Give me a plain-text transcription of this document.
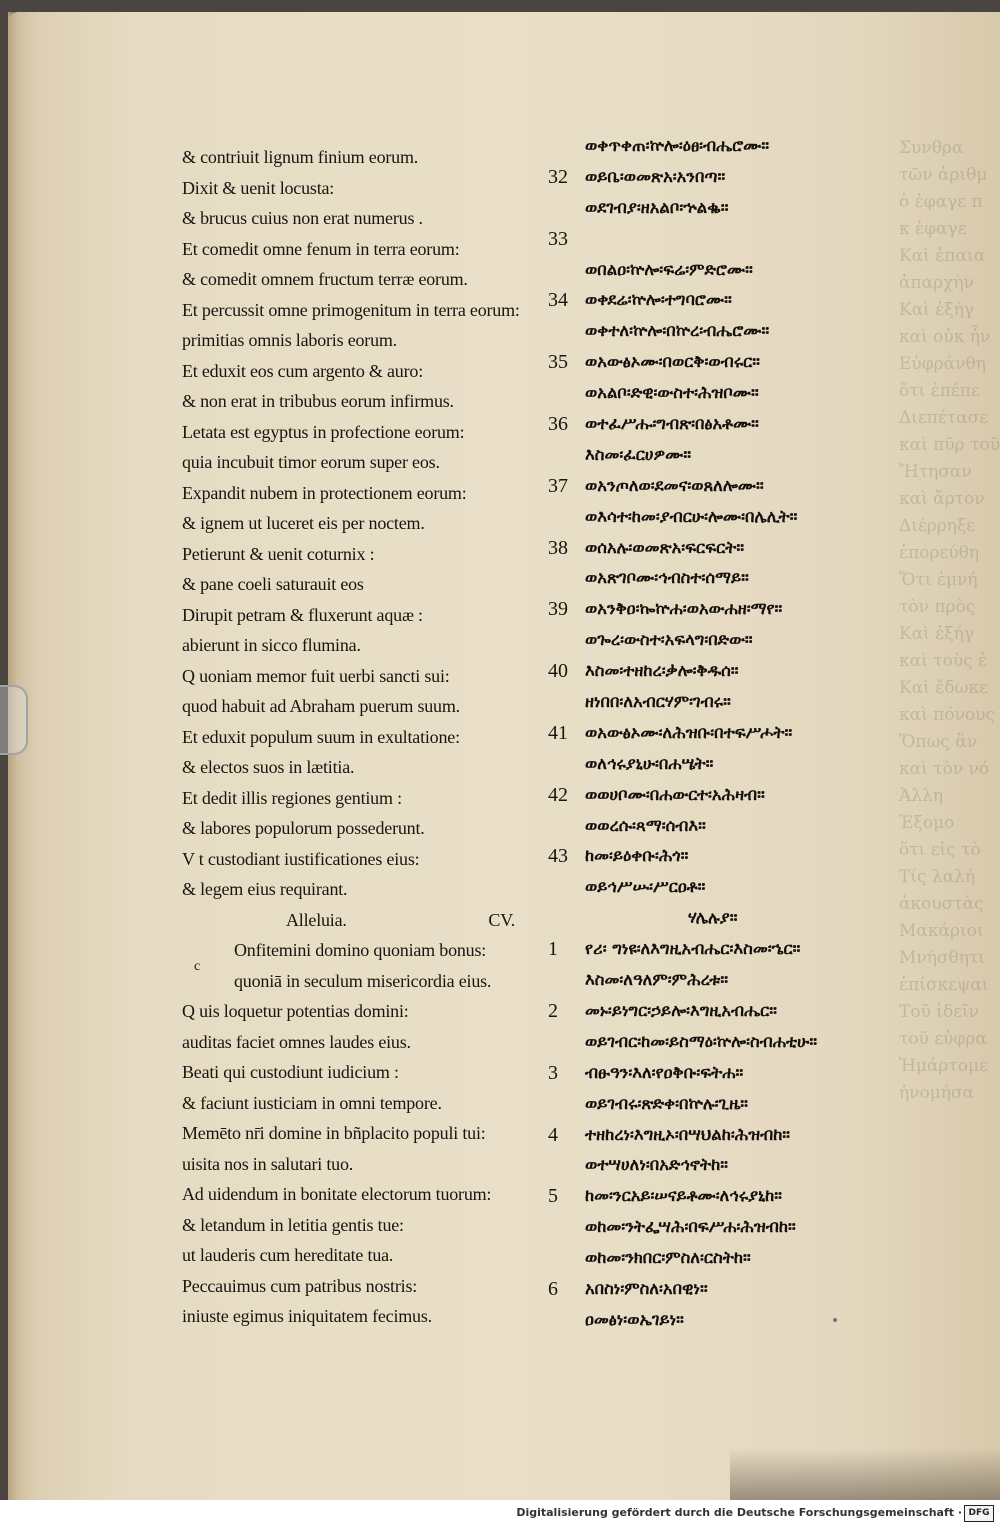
Συνθρα
τῶν ἀριθμ
ὁ ἐφαγε π
κ ἐφαγε
Καὶ ἐπαια
ἀπαρχὴν
Καὶ ἐξήγ
καὶ οὐκ ἦν
Εὐφράνθη
ὅτι ἐπέπε
Διεπέτασε
καὶ πῦρ τοῦ
Ἤτησαν
καὶ ἄρτον
Διέρρηξε
ἐπορεύθη
Ὅτι ἐμνή
τὸν πρὸς
Καὶ ἐξήγ
καὶ τοὺς ἐ
Καὶ ἔδωκε
καὶ πόνους
Ὅπως ἂν
καὶ τὸν νό
Ἀλλη
Ἐξομο
ὅτι εἰς τὸ
Τίς λαλή
ἀκουστὰς
Μακάριοι
Μνήσθητι
ἐπίσκεψαι
Τοῦ ἰδεῖν
τοῦ εὐφρα
Ἡμάρτομε
ἠνομήσα
& contriuit lignum finium eorum.
Dixit & uenit locusta:
& brucus cuius non erat numerus .
Et comedit omne fenum in terra eorum:
& comedit omnem fructum terræ eorum.
Et percussit omne primogenitum in terra eorum:
primitias omnis laboris eorum.
Et eduxit eos cum argento & auro:
& non erat in tribubus eorum infirmus.
Letata est egyptus in profectione eorum:
quia incubuit timor eorum super eos.
Expandit nubem in protectionem eorum:
& ignem ut luceret eis per noctem.
Petierunt & uenit coturnix :
& pane coeli saturauit eos
Dirupit petram & fluxerunt aquæ :
abierunt in sicco flumina.
Q uoniam memor fuit uerbi sancti sui:
quod habuit ad Abraham puerum suum.
Et eduxit populum suum in exultatione:
& electos suos in lætitia.
Et dedit illis regiones gentium :
& labores populorum possederunt.
V t custodiant iustificationes eius:
& legem eius requirant.
Alleluia.	CV.
Onfitemini domino quoniam bonus:
quoniā in seculum misericordia eius.
c
Q uis loquetur potentias domini:
auditas faciet omnes laudes eius.
Beati qui custodiunt iudicium :
& faciunt iusticiam in omni tempore.
Memēto nr̄i domine in bñplacito populi tui:
uisita nos in salutari tuo.
Ad uidendum in bonitate electorum tuorum:
& letandum in letitia gentis tue:
ut lauderis cum hereditate tua.
Peccauimus cum patribus nostris:
iniuste egimus iniquitatem fecimus.
ወቀጥቀጠ፡ኵሎ፡ዕፀ፡ብሔሮሙ።
32 ወይቤ፡ወመጽአ፡አንበጣ።
ወደገብያ፡ዘአልቦ፡ኍልቈ።
33
ወበልዐ፡ኵሎ፡ፍሬ፡ምድሮሙ።
34 ወቀደሬ፡ኵሎ፡ተግባሮሙ።
ወቀተለ፡ኵሎ፡በኵረ፡ብሔሮሙ።
35 ወአውፅኦሙ፡በወርቅ፡ወብሩር።
ወአልቦ፡ድዊ፡ውስተ፡ሕዝቦሙ።
36 ወተፈሥሑ፡ግብጽ፡በፅአቶሙ።
እስመ፡ፈርሀዎሙ።
37 ወአንጦለወ፡ደመና፡ወጸለሎሙ።
ወእሳተ፡ከመ፡ያብርሁ፡ሎሙ፡በሌሊት።
38 ወሰአሉ፡ወመጽአ፡ፍርፍርት።
ወአጽገቦሙ፡ኅብስተ፡ሰማይ።
39 ወአንቅዐ፡ኰኵሐ፡ወአውሐዘ፡ማየ።
ወጐረ፡ውስተ፡አፍላግ፡በድው።
40 እስመ፡ተዘከረ፡ቃሎ፡ቅዱሰ።
ዘነበበ፡ለአብርሃም፡ገብሩ።
41 ወአውፅኦሙ፡ለሕዝቡ፡በተፍሥሖት።
ወለኅሩያኒሁ፡በሐሤት።
42 ወወሀቦሙ፡በሐውርተ፡አሕዛብ።
ወወረሱ፡ጻማ፡ሰብእ።
43 ከመ፡ይዕቀቡ፡ሕጎ።
ወይኅሥሡ፡ሥርዐቶ።
ሃሌሉያ።
1 የሪ፡ ግነዩ፡ለእግዚአብሔር፡እስመ፡ኄር።
እስመ፡ለዓለም፡ምሕረቱ።
2 መኑ፡ይነግር፡ኃይሎ፡እግዚአብሔር።
ወይገብር፡ከመ፡ይስማዕ፡ኵሎ፡ስብሐቲሁ።
3 ብፁዓን፡እለ፡የዐቅቡ፡ፍትሐ።
ወይገብሩ፡ጽድቀ፡በኵሉ፡ጊዜ።
4 ተዘከረነ፡እግዚኦ፡በሣህልከ፡ሕዝብከ።
ወተሣሀለነ፡በአድኅኖትከ።
5 ከመ፡ንርአይ፡ሠናይቶሙ፡ለኅሩያኒከ።
ወከመ፡ንትፌሣሕ፡በፍሥሐ፡ሕዝብከ።
ወከመ፡ንክበር፡ምስለ፡ርስትከ።
6 አበስነ፡ምስለ፡አበዊነ።
ዐመፅነ፡ወኤገይነ።
Digitalisierung gefördert durch die Deutsche Forschungsgemeinschaft · DFG
